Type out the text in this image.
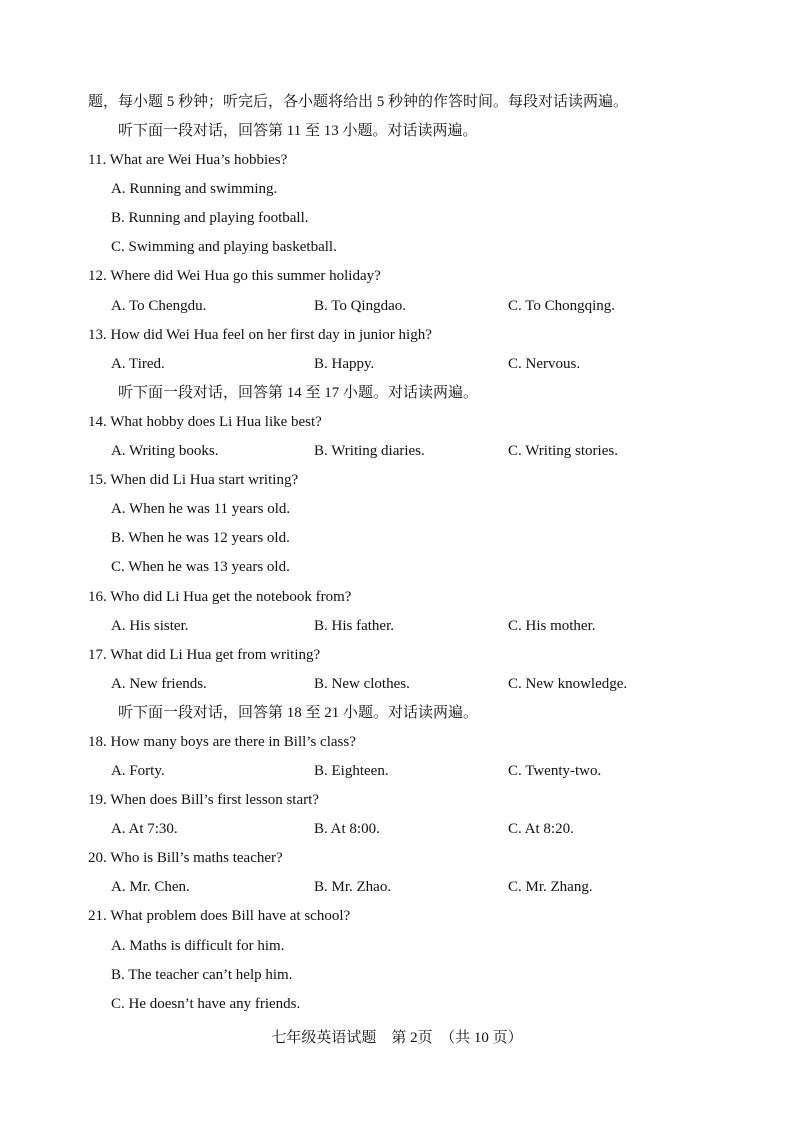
题，每小题 5 秒钟；听完后，各小题将给出 5 秒钟的作答时间。每段对话读两遍。
听下面一段对话，回答第 11 至 13 小题。对话读两遍。
11. What are Wei Hua’s hobbies?
A. Running and swimming.
B. Running and playing football.
C. Swimming and playing basketball.
12. Where did Wei Hua go this summer holiday?
A. To Chengdu.	B. To Qingdao.	C. To Chongqing.
13. How did Wei Hua feel on her first day in junior high?
A. Tired.	B. Happy.	C. Nervous.
听下面一段对话，回答第 14 至 17 小题。对话读两遍。
14. What hobby does Li Hua like best?
A. Writing books.	B. Writing diaries.	C. Writing stories.
15. When did Li Hua start writing?
A. When he was 11 years old.
B. When he was 12 years old.
C. When he was 13 years old.
16. Who did Li Hua get the notebook from?
A. His sister.	B. His father.	C. His mother.
17. What did Li Hua get from writing?
A. New friends.	B. New clothes.	C. New knowledge.
听下面一段对话，回答第 18 至 21 小题。对话读两遍。
18. How many boys are there in Bill’s class?
A. Forty.	B. Eighteen.	C. Twenty-two.
19. When does Bill’s first lesson start?
A. At 7:30.	B. At 8:00.	C. At 8:20.
20. Who is Bill’s maths teacher?
A. Mr. Chen.	B. Mr. Zhao.	C. Mr. Zhang.
21. What problem does Bill have at school?
A. Maths is difficult for him.
B. The teacher can’t help him.
C. He doesn’t have any friends.
七年级英语试题　第 2页　（共 10 页）
